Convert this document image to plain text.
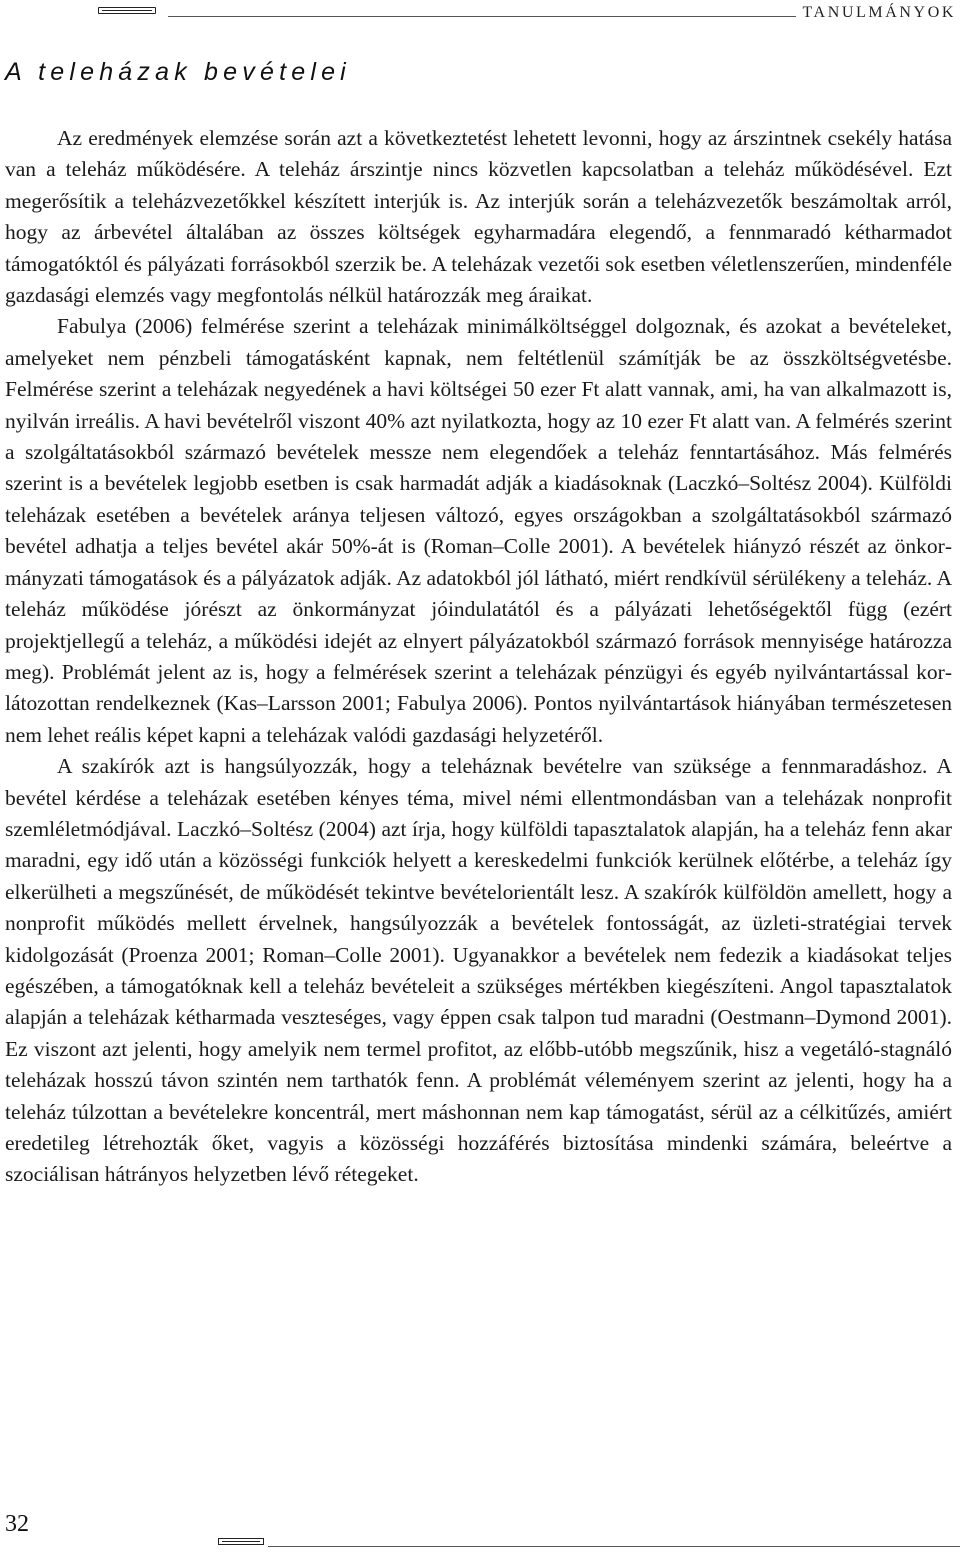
TANULMÁNYOK
A teleházak bevételei

Az eredmények elemzése során azt a következtetést lehetett levonni, hogy az árszintnek csekély hatása van a teleház működésére. A teleház árszintje nincs közvetlen kapcsolatban a teleház működésével. Ezt megerősítik a teleházvezetőkkel készített interjúk is. Az interjúk során a teleházvezetők beszámoltak arról, hogy az árbevétel általában az összes költségek egyharmadára elegendő, a fennmaradó kétharmadot támogatóktól és pályázati forrásokból szerzik be. A teleházak vezetői sok esetben véletlenszerűen, mindenféle gazdasági elemzés vagy megfontolás nélkül határozzák meg áraikat.

Fabulya (2006) felmérése szerint a teleházak minimálköltséggel dolgoznak, és azokat a bevételeket, amelyeket nem pénzbeli támogatásként kapnak, nem feltétlenül számítják be az összköltségvetésbe. Felmérése szerint a teleházak negyedének a havi költségei 50 ezer Ft alatt vannak, ami, ha van alkalmazott is, nyilván irreális. A havi bevételről viszont 40% azt nyilatkozta, hogy az 10 ezer Ft alatt van. A felmérés szerint a szolgáltatásokból származó bevételek messze nem elegendőek a teleház fenntartásához. Más felmérés szerint is a bevételek legjobb esetben is csak harmadát adják a kiadásoknak (Laczkó–Soltész 2004). Külföldi teleházak esetében a bevételek aránya teljesen változó, egyes országokban a szolgáltatásokból származó bevétel adhatja a teljes bevétel akár 50%-át is (Roman–Colle 2001). A bevételek hiányzó részét az önkormányzati támogatások és a pályázatok adják. Az adatokból jól látható, miért rendkívül sérülékeny a teleház. A teleház működése jórészt az önkormányzat jóindulatától és a pályázati lehetőségektől függ (ezért projektjellegű a teleház, a működési idejét az elnyert pályázatokból származó források mennyisége határozza meg). Problémát jelent az is, hogy a felmérések szerint a teleházak pénzügyi és egyéb nyilvántartással korlátozottan rendelkeznek (Kas–Larsson 2001; Fabulya 2006). Pontos nyilvántartások hiányában természetesen nem lehet reális képet kapni a teleházak valódi gazdasági helyzetéről.

A szakírók azt is hangsúlyozzák, hogy a teleháznak bevételre van szüksége a fennmaradáshoz. A bevétel kérdése a teleházak esetében kényes téma, mivel némi ellentmondásban van a teleházak nonprofit szemléletmódjával. Laczkó–Soltész (2004) azt írja, hogy külföldi tapasztalatok alapján, ha a teleház fenn akar maradni, egy idő után a közösségi funkciók helyett a kereskedelmi funkciók kerülnek előtérbe, a teleház így elkerülheti a megszűnését, de működését tekintve bevételorientált lesz. A szakírók külföldön amellett, hogy a nonprofit működés mellett érvelnek, hangsúlyozzák a bevételek fontosságát, az üzleti-stratégiai tervek kidolgozását (Proenza 2001; Roman–Colle 2001). Ugyanakkor a bevételek nem fedezik a kiadásokat teljes egészében, a támogatóknak kell a teleház bevételeit a szükséges mértékben kiegészíteni. Angol tapasztalatok alapján a teleházak kétharmada veszteséges, vagy éppen csak talpon tud maradni (Oestmann–Dymond 2001). Ez viszont azt jelenti, hogy amelyik nem termel profitot, az előbb-utóbb megszűnik, hisz a vegetáló-stagnáló teleházak hosszú távon szintén nem tarthatók fenn. A problémát véleményem szerint az jelenti, hogy ha a teleház túlzottan a bevételekre koncentrál, mert máshonnan nem kap támogatást, sérül az a célkitűzés, amiért eredetileg létrehozták őket, vagyis a közösségi hozzáférés biztosítása mindenki számára, beleértve a szociálisan hátrányos helyzetben lévő rétegeket.

32
